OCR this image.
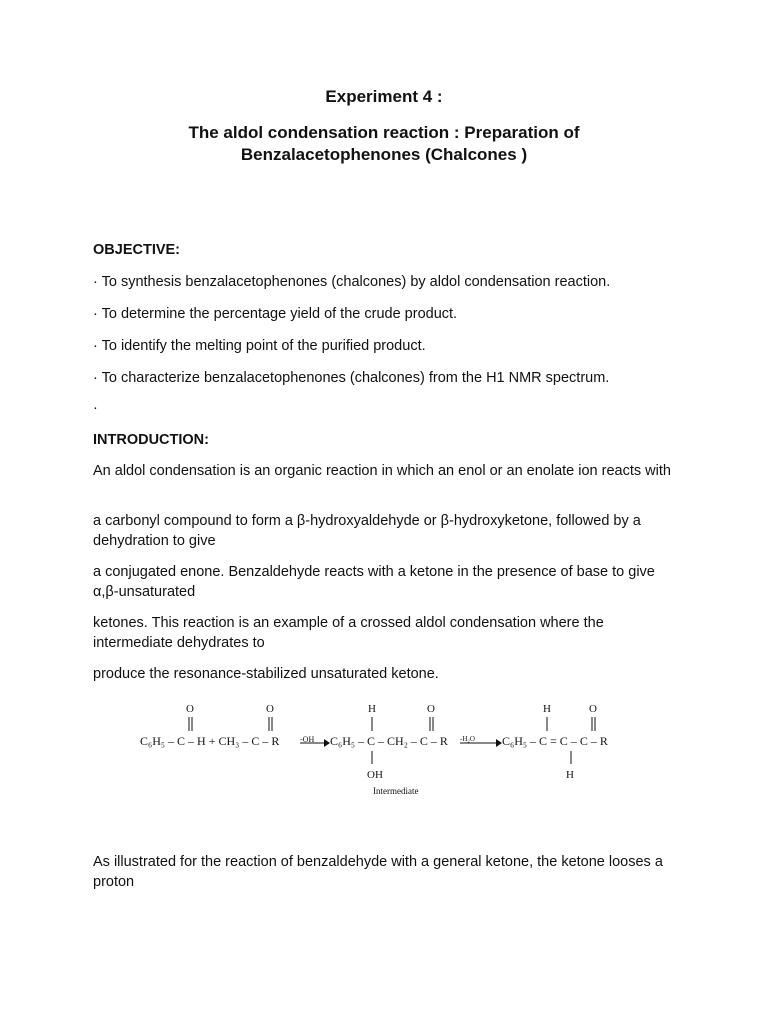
Experiment 4 :
The aldol condensation reaction : Preparation of
Benzalacetophenones (Chalcones )

OBJECTIVE:

· To synthesis benzalacetophenones (chalcones) by aldol condensation reaction.

· To determine the percentage yield of the crude product.

· To identify the melting point of the purified product.

· To characterize benzalacetophenones (chalcones) from the H1 NMR spectrum.

·

INTRODUCTION:

An aldol condensation is an organic reaction in which an enol or an enolate ion reacts with

a carbonyl compound to form a β-hydroxyaldehyde or β-hydroxyketone, followed by a dehydration to give

a conjugated enone. Benzaldehyde reacts with a ketone in the presence of base to give α,β-unsaturated

ketones. This reaction is an example of a crossed aldol condensation where the intermediate dehydrates to

produce the resonance-stabilized unsaturated ketone.

C₆H₅ – C – H + CH₃ – C – R
O	O
-OH C₆H₅ – C – CH₂ – C – R
H	O
OH
Intermediate
-H₂O C₆H₅ – C = C – C – R
H	O
H

As illustrated for the reaction of benzaldehyde with a general ketone, the ketone looses a proton
